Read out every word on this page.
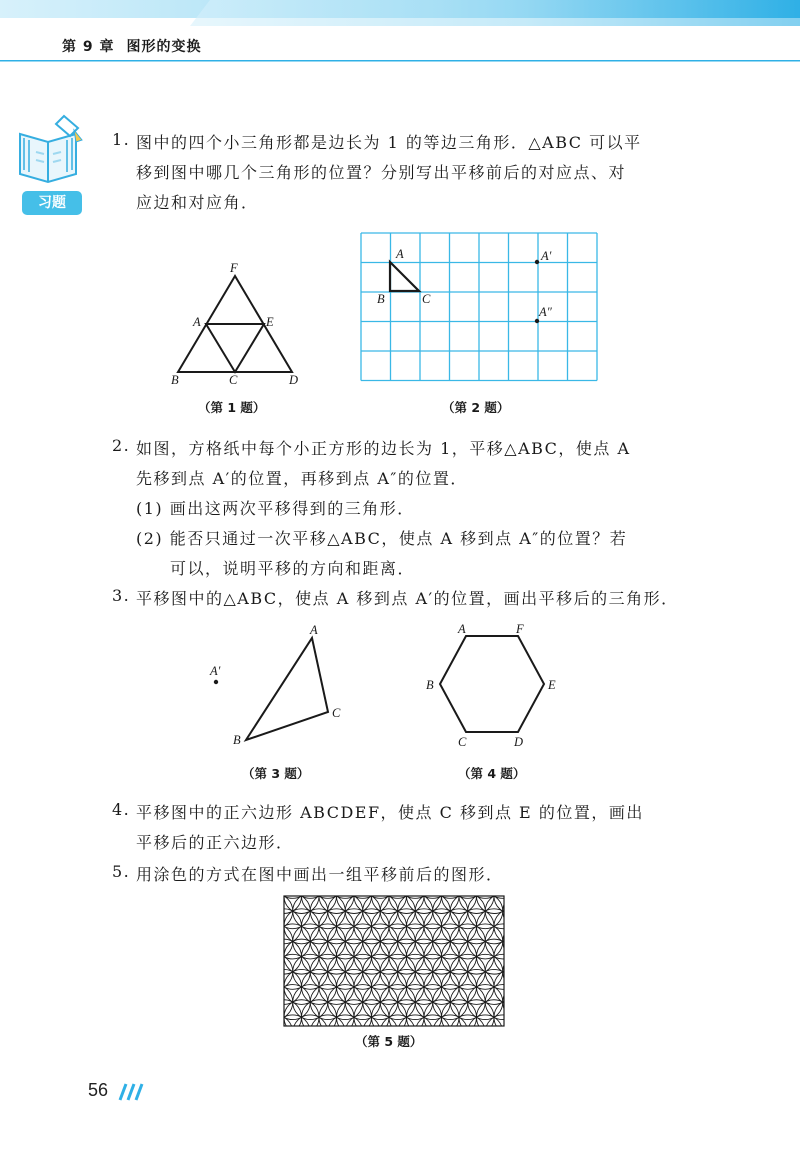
第 9 章 图形的变换
习题
1. 图中的四个小三角形都是边长为 1 的等边三角形．△ABC 可以平
移到图中哪几个三角形的位置？分别写出平移前后的对应点、对
应边和对应角．
F
A	E
B	C	D
（第 1 题）
A
B	C
A′
A″
（第 2 题）
2. 如图，方格纸中每个小正方形的边长为 1，平移△ABC，使点 A
先移到点 A′的位置，再移到点 A″的位置．
(1) 画出这两次平移得到的三角形．
(2) 能否只通过一次平移△ABC，使点 A 移到点 A″的位置？若
可以，说明平移的方向和距离．
3. 平移图中的△ABC，使点 A 移到点 A′的位置，画出平移后的三角形．
A
B
C
A′
（第 3 题）
A	F
B	E
C	D
（第 4 题）
4. 平移图中的正六边形 ABCDEF，使点 C 移到点 E 的位置，画出
平移后的正六边形．
5. 用涂色的方式在图中画出一组平移前后的图形．
（第 5 题）
56
